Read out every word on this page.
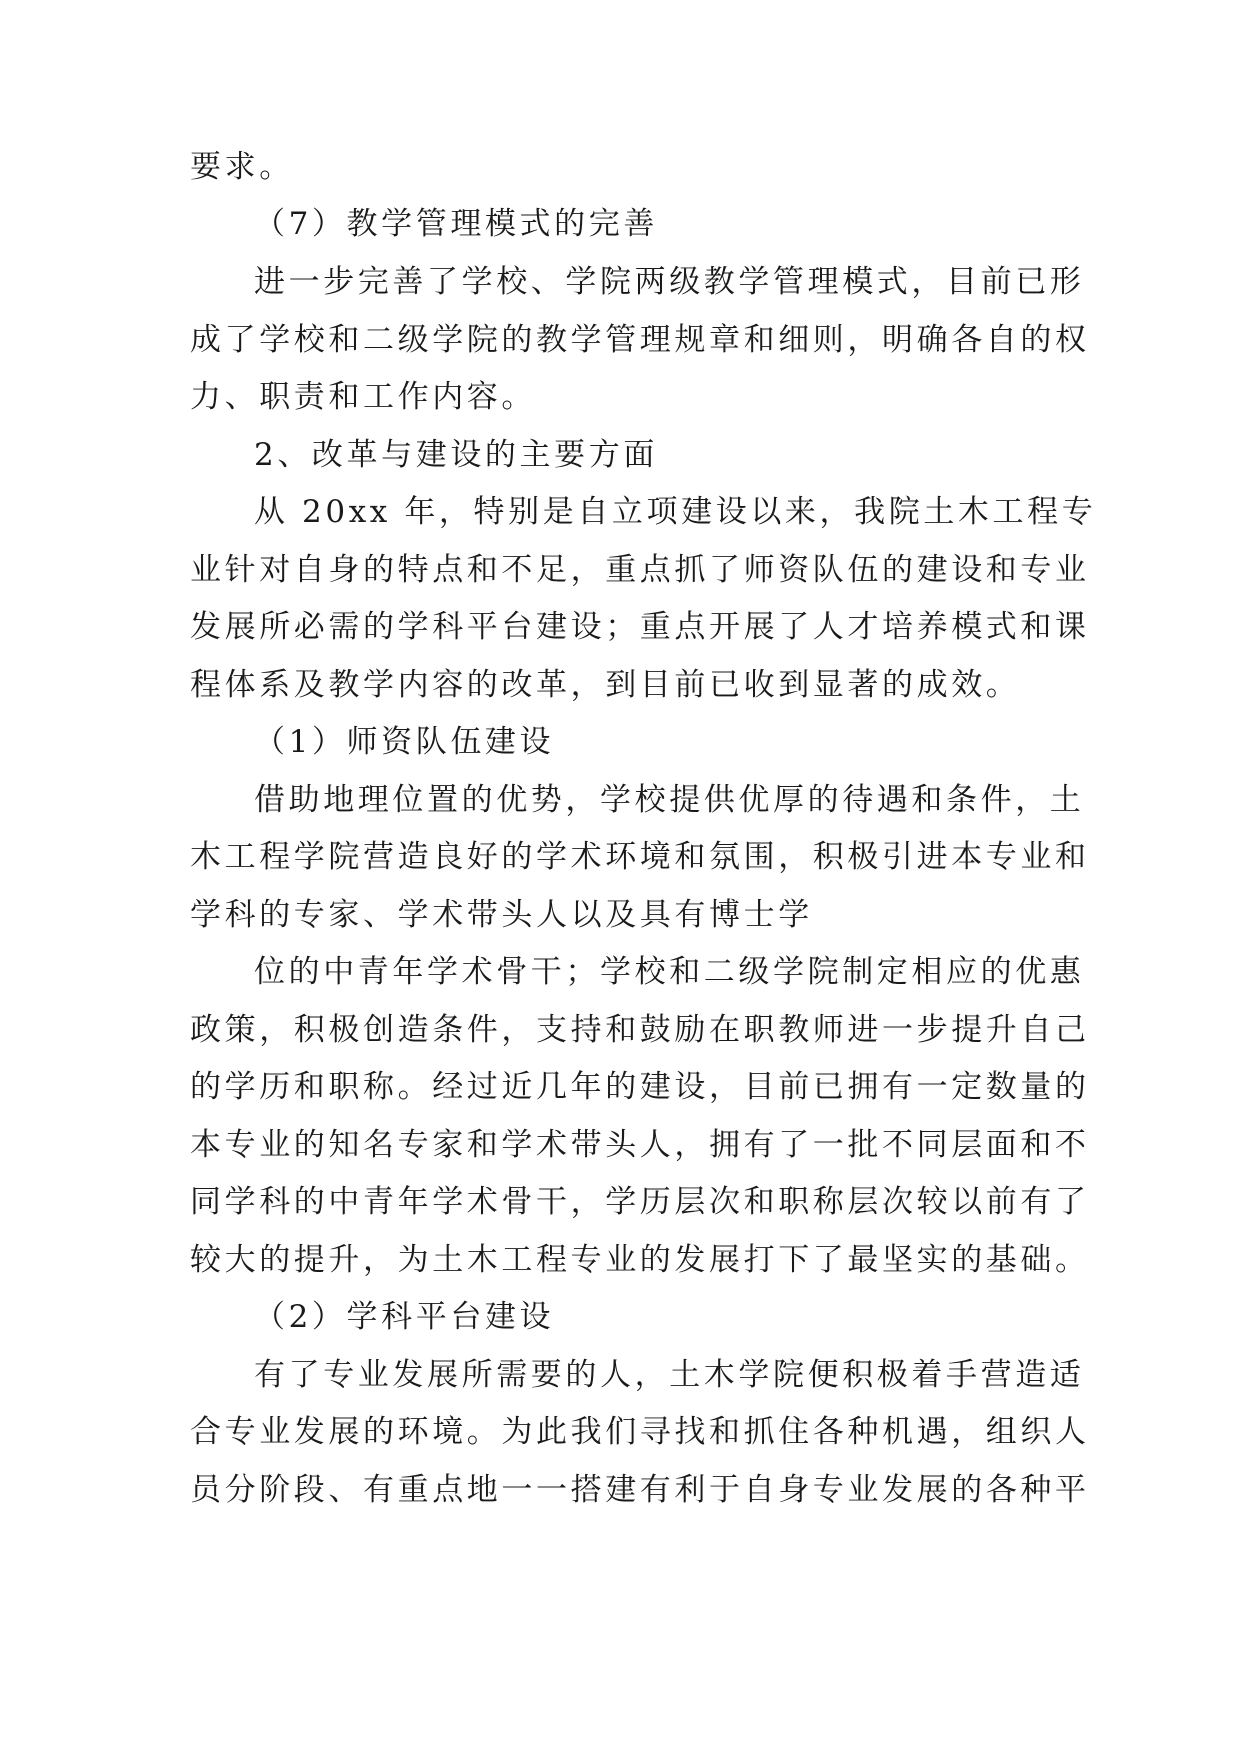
要求。
（7）教学管理模式的完善
进一步完善了学校、学院两级教学管理模式，目前已形
成了学校和二级学院的教学管理规章和细则，明确各自的权
力、职责和工作内容。
2、改革与建设的主要方面
从 20xx 年，特别是自立项建设以来，我院土木工程专
业针对自身的特点和不足，重点抓了师资队伍的建设和专业
发展所必需的学科平台建设；重点开展了人才培养模式和课
程体系及教学内容的改革，到目前已收到显著的成效。
（1）师资队伍建设
借助地理位置的优势，学校提供优厚的待遇和条件，土
木工程学院营造良好的学术环境和氛围，积极引进本专业和
学科的专家、学术带头人以及具有博士学
位的中青年学术骨干；学校和二级学院制定相应的优惠
政策，积极创造条件，支持和鼓励在职教师进一步提升自己
的学历和职称。经过近几年的建设，目前已拥有一定数量的
本专业的知名专家和学术带头人，拥有了一批不同层面和不
同学科的中青年学术骨干，学历层次和职称层次较以前有了
较大的提升，为土木工程专业的发展打下了最坚实的基础。
（2）学科平台建设
有了专业发展所需要的人，土木学院便积极着手营造适
合专业发展的环境。为此我们寻找和抓住各种机遇，组织人
员分阶段、有重点地一一搭建有利于自身专业发展的各种平
